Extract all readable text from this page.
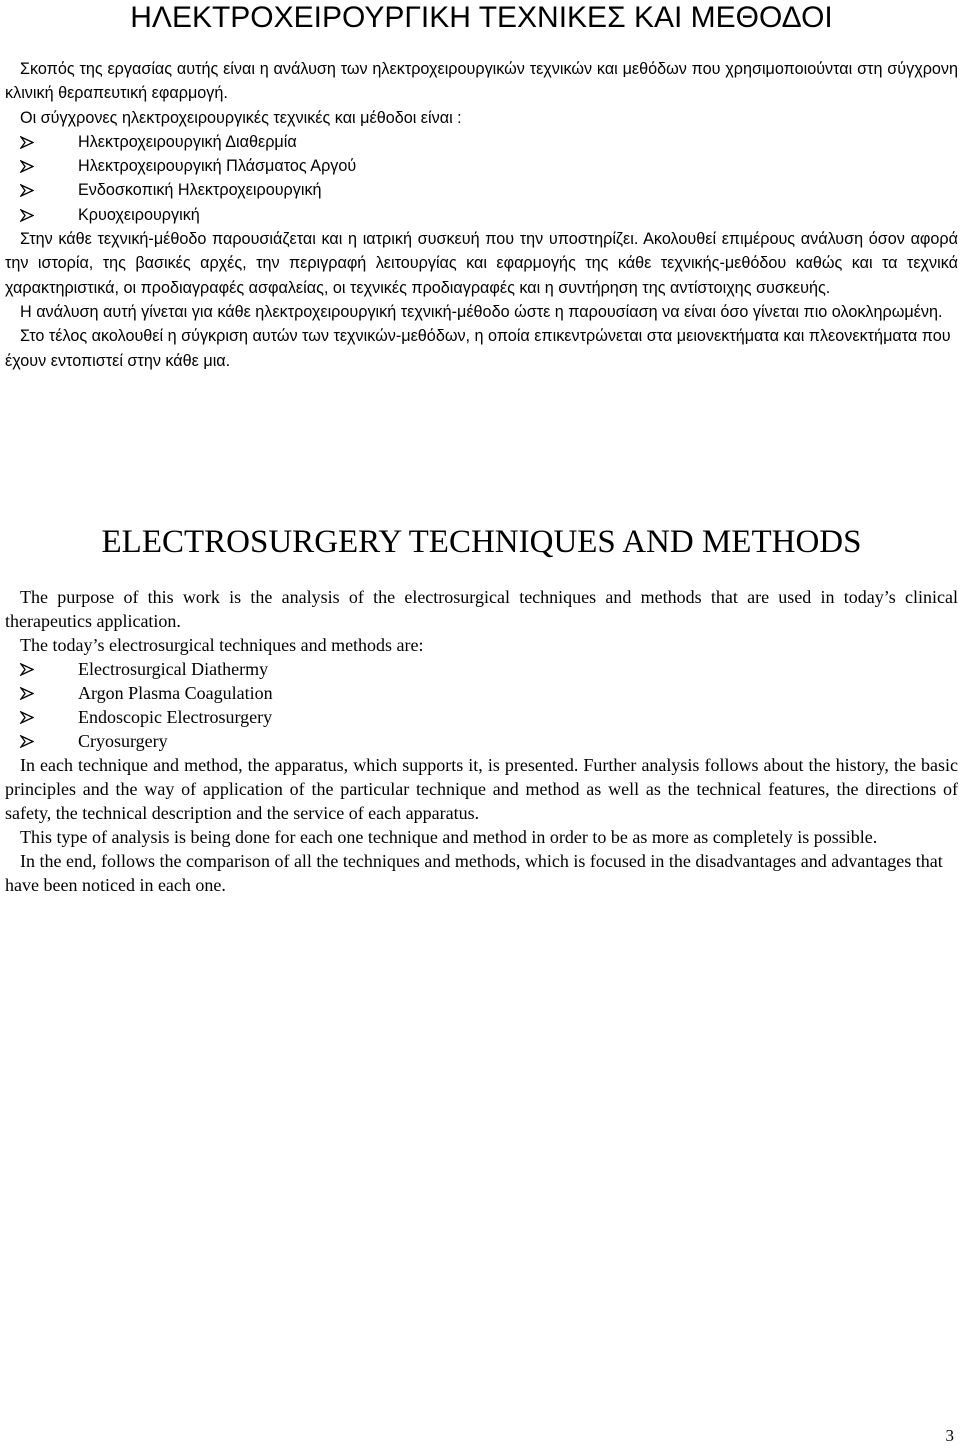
ΗΛΕΚΤΡΟΧΕΙΡΟΥΡΓΙΚΗ ΤΕΧΝΙΚΕΣ ΚΑΙ ΜΕΘΟΔΟΙ

Σκοπός της εργασίας αυτής είναι η ανάλυση των ηλεκτροχειρουργικών τεχνικών και μεθόδων που χρησιμοποιούνται στη σύγχρονη κλινική θεραπευτική εφαρμογή.

Οι σύγχρονες ηλεκτροχειρουργικές τεχνικές και μέθοδοι είναι :

Ηλεκτροχειρουργική Διαθερμία
Ηλεκτροχειρουργική Πλάσματος Αργού
Ενδοσκοπική Ηλεκτροχειρουργική
Κρυοχειρουργική

Στην κάθε τεχνική-μέθοδο παρουσιάζεται και η ιατρική συσκευή που την υποστηρίζει. Ακολουθεί επιμέρους ανάλυση όσον αφορά την ιστορία, της βασικές αρχές, την περιγραφή λειτουργίας και εφαρμογής της κάθε τεχνικής-μεθόδου καθώς και τα τεχνικά χαρακτηριστικά, οι προδιαγραφές ασφαλείας, οι τεχνικές προδιαγραφές και η συντήρηση της αντίστοιχης συσκευής.

Η ανάλυση αυτή γίνεται για κάθε ηλεκτροχειρουργική τεχνική-μέθοδο ώστε η παρουσίαση να είναι όσο γίνεται πιο ολοκληρωμένη.

Στο τέλος ακολουθεί η σύγκριση αυτών των τεχνικών-μεθόδων, η οποία επικεντρώνεται στα μειονεκτήματα και πλεονεκτήματα που έχουν εντοπιστεί στην κάθε μια.

ELECTROSURGERY TECHNIQUES AND METHODS

The purpose of this work is the analysis of the electrosurgical techniques and methods that are used in today’s clinical therapeutics application.

The today’s electrosurgical techniques and methods are:

Electrosurgical Diathermy
Argon Plasma Coagulation
Endoscopic Electrosurgery
Cryosurgery

In each technique and method, the apparatus, which supports it, is presented. Further analysis follows about the history, the basic principles and the way of application of the particular technique and method as well as the technical features, the directions of safety, the technical description and the service of each apparatus.

This type of analysis is being done for each one technique and method in order to be as more as completely is possible.

In the end, follows the comparison of all the techniques and methods, which is focused in the disadvantages and advantages that have been noticed in each one.

3
